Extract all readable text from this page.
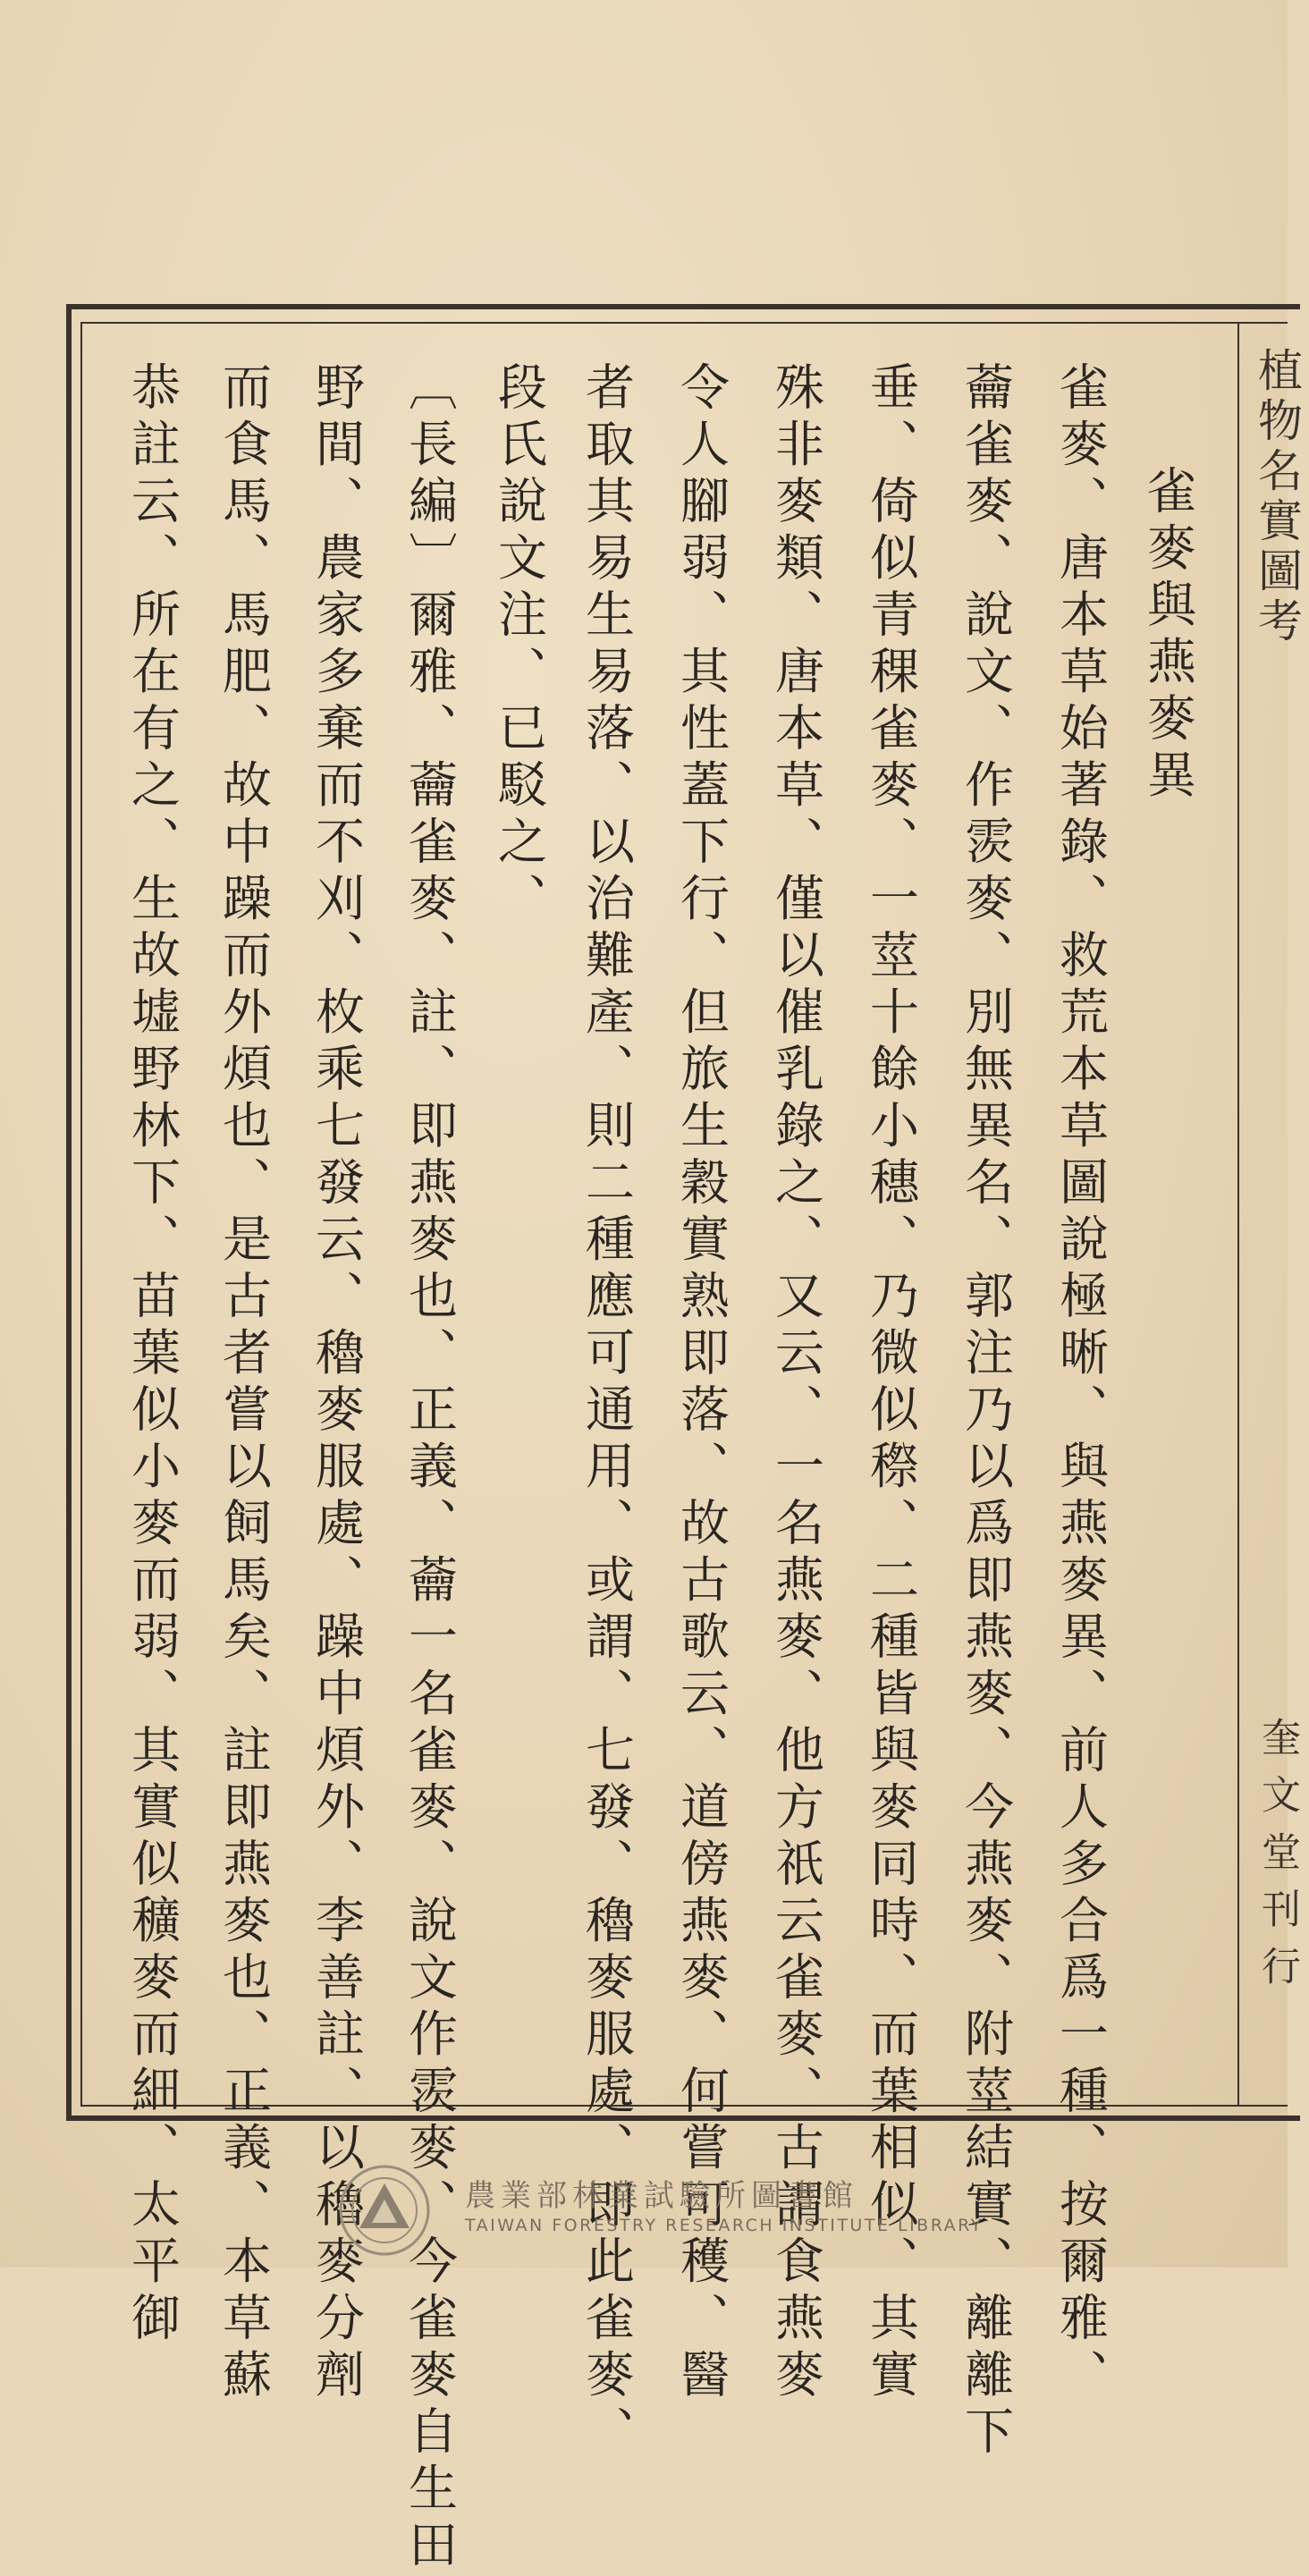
植物名實圖考
奎文堂刊行
雀麥與燕麥異
雀麥、唐本草始著錄、救荒本草圖說極晰、與燕麥異、前人多合爲一種、按爾雅、
蘥雀麥、說文、作䨏麥、別無異名、郭注乃以爲即燕麥、今燕麥、附莖結實、離離下
垂、倚似青稞雀麥、一莖十餘小穗、乃微似穄、二種皆與麥同時、而葉相似、其實
殊非麥類、唐本草、僅以催乳錄之、又云、一名燕麥、他方祇云雀麥、古謂食燕麥
令人腳弱、其性蓋下行、但旅生穀實熟即落、故古歌云、道傍燕麥、何嘗可穫、醫
者取其易生易落、以治難產、則二種應可通用、或謂、七發、穭麥服處、即此雀麥、
段氏說文注、已駁之、
〔長編〕爾雅、蘥雀麥、註、即燕麥也、正義、蘥一名雀麥、說文作䨏麥、今雀麥自生田
野間、農家多棄而不刈、枚乘七發云、穭麥服處、躁中煩外、李善註、以穭麥分劑
而食馬、馬肥、故中躁而外煩也、是古者嘗以飼馬矣、註即燕麥也、正義、本草蘇
恭註云、所在有之、生故墟野林下、苗葉似小麥而弱、其實似穬麥而細、太平御	農業部林業試驗所圖書館
TAIWAN FORESTRY RESEARCH INSTITUTE LIBRARY
